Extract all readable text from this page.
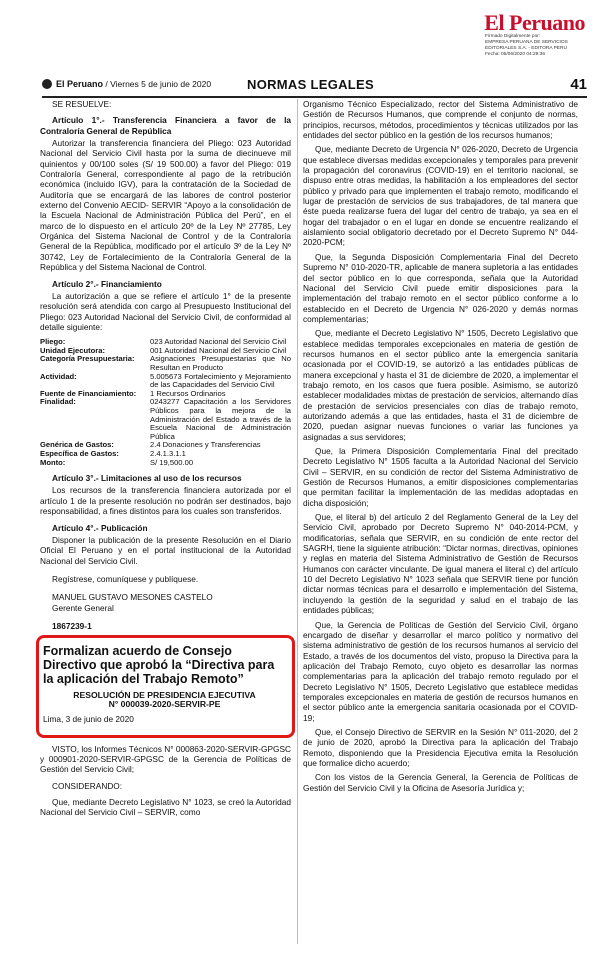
El Peruano
Firmado Digitalmente por:
EMPRESA PERUANA DE SERVICIOS
EDITORIALES S.A. - EDITORA PERU
Fecha: 05/06/2020 04:29:36
El Peruano / Viernes 5 de junio de 2020	NORMAS LEGALES	41

SE RESUELVE:

Artículo 1°.- Transferencia Financiera a favor de la Contraloría General de República

Autorizar la transferencia financiera del Pliego: 023 Autoridad Nacional del Servicio Civil hasta por la suma de diecinueve mil quinientos y 00/100 soles (S/ 19 500.00) a favor del Pliego: 019 Contraloría General, correspondiente al pago de la retribución económica (incluido IGV), para la contratación de la Sociedad de Auditoría que se encargará de las labores de control posterior externo del Convenio AECID- SERVIR “Apoyo a la consolidación de la Escuela Nacional de Administración Pública del Perú”, en el marco de lo dispuesto en el artículo 20º de la Ley Nº 27785, Ley Orgánica del Sistema Nacional de Control y de la Contraloría General de la República, modificado por el artículo 3º de la Ley Nº 30742, Ley de Fortalecimiento de la Contraloría General de la República y del Sistema Nacional de Control.

Artículo 2°.- Financiamiento

La autorización a que se refiere el artículo 1° de la presente resolución será atendida con cargo al Presupuesto Institucional del Pliego: 023 Autoridad Nacional del Servicio Civil, de conformidad al detalle siguiente:

Pliego:	023 Autoridad Nacional del Servicio Civil
Unidad Ejecutora:	001 Autoridad Nacional del Servicio Civil
Categoría Presupuestaria:	Asignaciones Presupuestarias que No Resultan en Producto
Actividad:	5.005673 Fortalecimiento y Mejoramiento de las Capacidades del Servicio Civil
Fuente de Financiamiento:	1 Recursos Ordinarios
Finalidad:	0243277 Capacitación a los Servidores Públicos para la mejora de la Administración del Estado a través de la Escuela Nacional de Administración Pública
Genérica de Gastos:	2.4 Donaciones y Transferencias
Específica de Gastos:	2.4.1.3.1.1
Monto:	S/ 19,500.00

Artículo 3°.- Limitaciones al uso de los recursos

Los recursos de la transferencia financiera autorizada por el artículo 1 de la presente resolución no podrán ser destinados, bajo responsabilidad, a fines distintos para los cuales son transferidos.

Artículo 4°.- Publicación

Disponer la publicación de la presente Resolución en el Diario Oficial El Peruano y en el portal institucional de la Autoridad Nacional del Servicio Civil.

Regístrese, comuníquese y publíquese.

MANUEL GUSTAVO MESONES CASTELO

Gerente General

1867239-1

Formalizan acuerdo de Consejo Directivo que aprobó la “Directiva para la aplicación del Trabajo Remoto”

RESOLUCIÓN DE PRESIDENCIA EJECUTIVA

N° 000039-2020-SERVIR-PE

Lima, 3 de junio de 2020

VISTO, los Informes Técnicos N° 000863-2020-SERVIR-GPGSC y 000901-2020-SERVIR-GPGSC de la Gerencia de Políticas de Gestión del Servicio Civil;

CONSIDERANDO:

Que, mediante Decreto Legislativo N° 1023, se creó la Autoridad Nacional del Servicio Civil – SERVIR, como

Organismo Técnico Especializado, rector del Sistema Administrativo de Gestión de Recursos Humanos, que comprende el conjunto de normas, principios, recursos, métodos, procedimientos y técnicas utilizados por las entidades del sector público en la gestión de los recursos humanos;

Que, mediante Decreto de Urgencia N° 026-2020, Decreto de Urgencia que establece diversas medidas excepcionales y temporales para prevenir la propagación del coronavirus (COVID-19) en el territorio nacional, se dispuso entre otras medidas, la habilitación a los empleadores del sector público y privado para que implementen el trabajo remoto, modificando el lugar de prestación de servicios de sus trabajadores, de tal manera que éste pueda realizarse fuera del lugar del centro de trabajo, ya sea en el hogar del trabajador o en el lugar en donde se encuentre realizando el aislamiento social obligatorio decretado por el Decreto Supremo N° 044-2020-PCM;

Que, la Segunda Disposición Complementaria Final del Decreto Supremo N° 010-2020-TR, aplicable de manera supletoria a las entidades del sector público en lo que corresponda, señala que la Autoridad Nacional del Servicio Civil puede emitir disposiciones para la implementación del trabajo remoto en el sector público conforme a lo establecido en el Decreto de Urgencia N° 026-2020 y demás normas complementarias;

Que, mediante el Decreto Legislativo N° 1505, Decreto Legislativo que establece medidas temporales excepcionales en materia de gestión de recursos humanos en el sector público ante la emergencia sanitaria ocasionada por el COVID-19, se autorizó a las entidades públicas de manera excepcional y hasta el 31 de diciembre de 2020, a implementar el trabajo remoto, en los casos que fuera posible. Asimismo, se autorizó establecer modalidades mixtas de prestación de servicios, alternando días de prestación de servicios presenciales con días de trabajo remoto, autorizando además a que las entidades, hasta el 31 de diciembre de 2020, puedan asignar nuevas funciones o variar las funciones ya asignadas a sus servidores;

Que, la Primera Disposición Complementaria Final del precitado Decreto Legislativo N° 1505 faculta a la Autoridad Nacional del Servicio Civil – SERVIR, en su condición de rector del Sistema Administrativo de Gestión de Recursos Humanos, a emitir disposiciones complementarias que permitan facilitar la implementación de las medidas adoptadas en dicha disposición;

Que, el literal b) del artículo 2 del Reglamento General de la Ley del Servicio Civil, aprobado por Decreto Supremo N° 040-2014-PCM, y modificatorias, señala que SERVIR, en su condición de ente rector del SAGRH, tiene la siguiente atribución: “Dictar normas, directivas, opiniones y reglas en materia del Sistema Administrativo de Gestión de Recursos Humanos con carácter vinculante. De igual manera el literal c) del artículo 10 del Decreto Legislativo N° 1023 señala que SERVIR tiene por función dictar normas técnicas para el desarrollo e implementación del Sistema, incluyendo la gestión de la seguridad y salud en el trabajo de las entidades públicas;

Que, la Gerencia de Políticas de Gestión del Servicio Civil, órgano encargado de diseñar y desarrollar el marco político y normativo del sistema administrativo de gestión de los recursos humanos al servicio del Estado, a través de los documentos del visto, propuso la Directiva para la aplicación del Trabajo Remoto, cuyo objeto es desarrollar las normas complementarias para la aplicación del trabajo remoto regulado por el Decreto Legislativo N° 1505, Decreto Legislativo que establece medidas temporales excepcionales en materia de gestión de recursos humanos en el sector público ante la emergencia sanitaria ocasionada por el COVID-19;

Que, el Consejo Directivo de SERVIR en la Sesión N° 011-2020, del 2 de junio de 2020, aprobó la Directiva para la aplicación del Trabajo Remoto, disponiendo que la Presidencia Ejecutiva emita la Resolución que formalice dicho acuerdo;

Con los vistos de la Gerencia General, la Gerencia de Políticas de Gestión del Servicio Civil y la Oficina de Asesoría Jurídica y;
